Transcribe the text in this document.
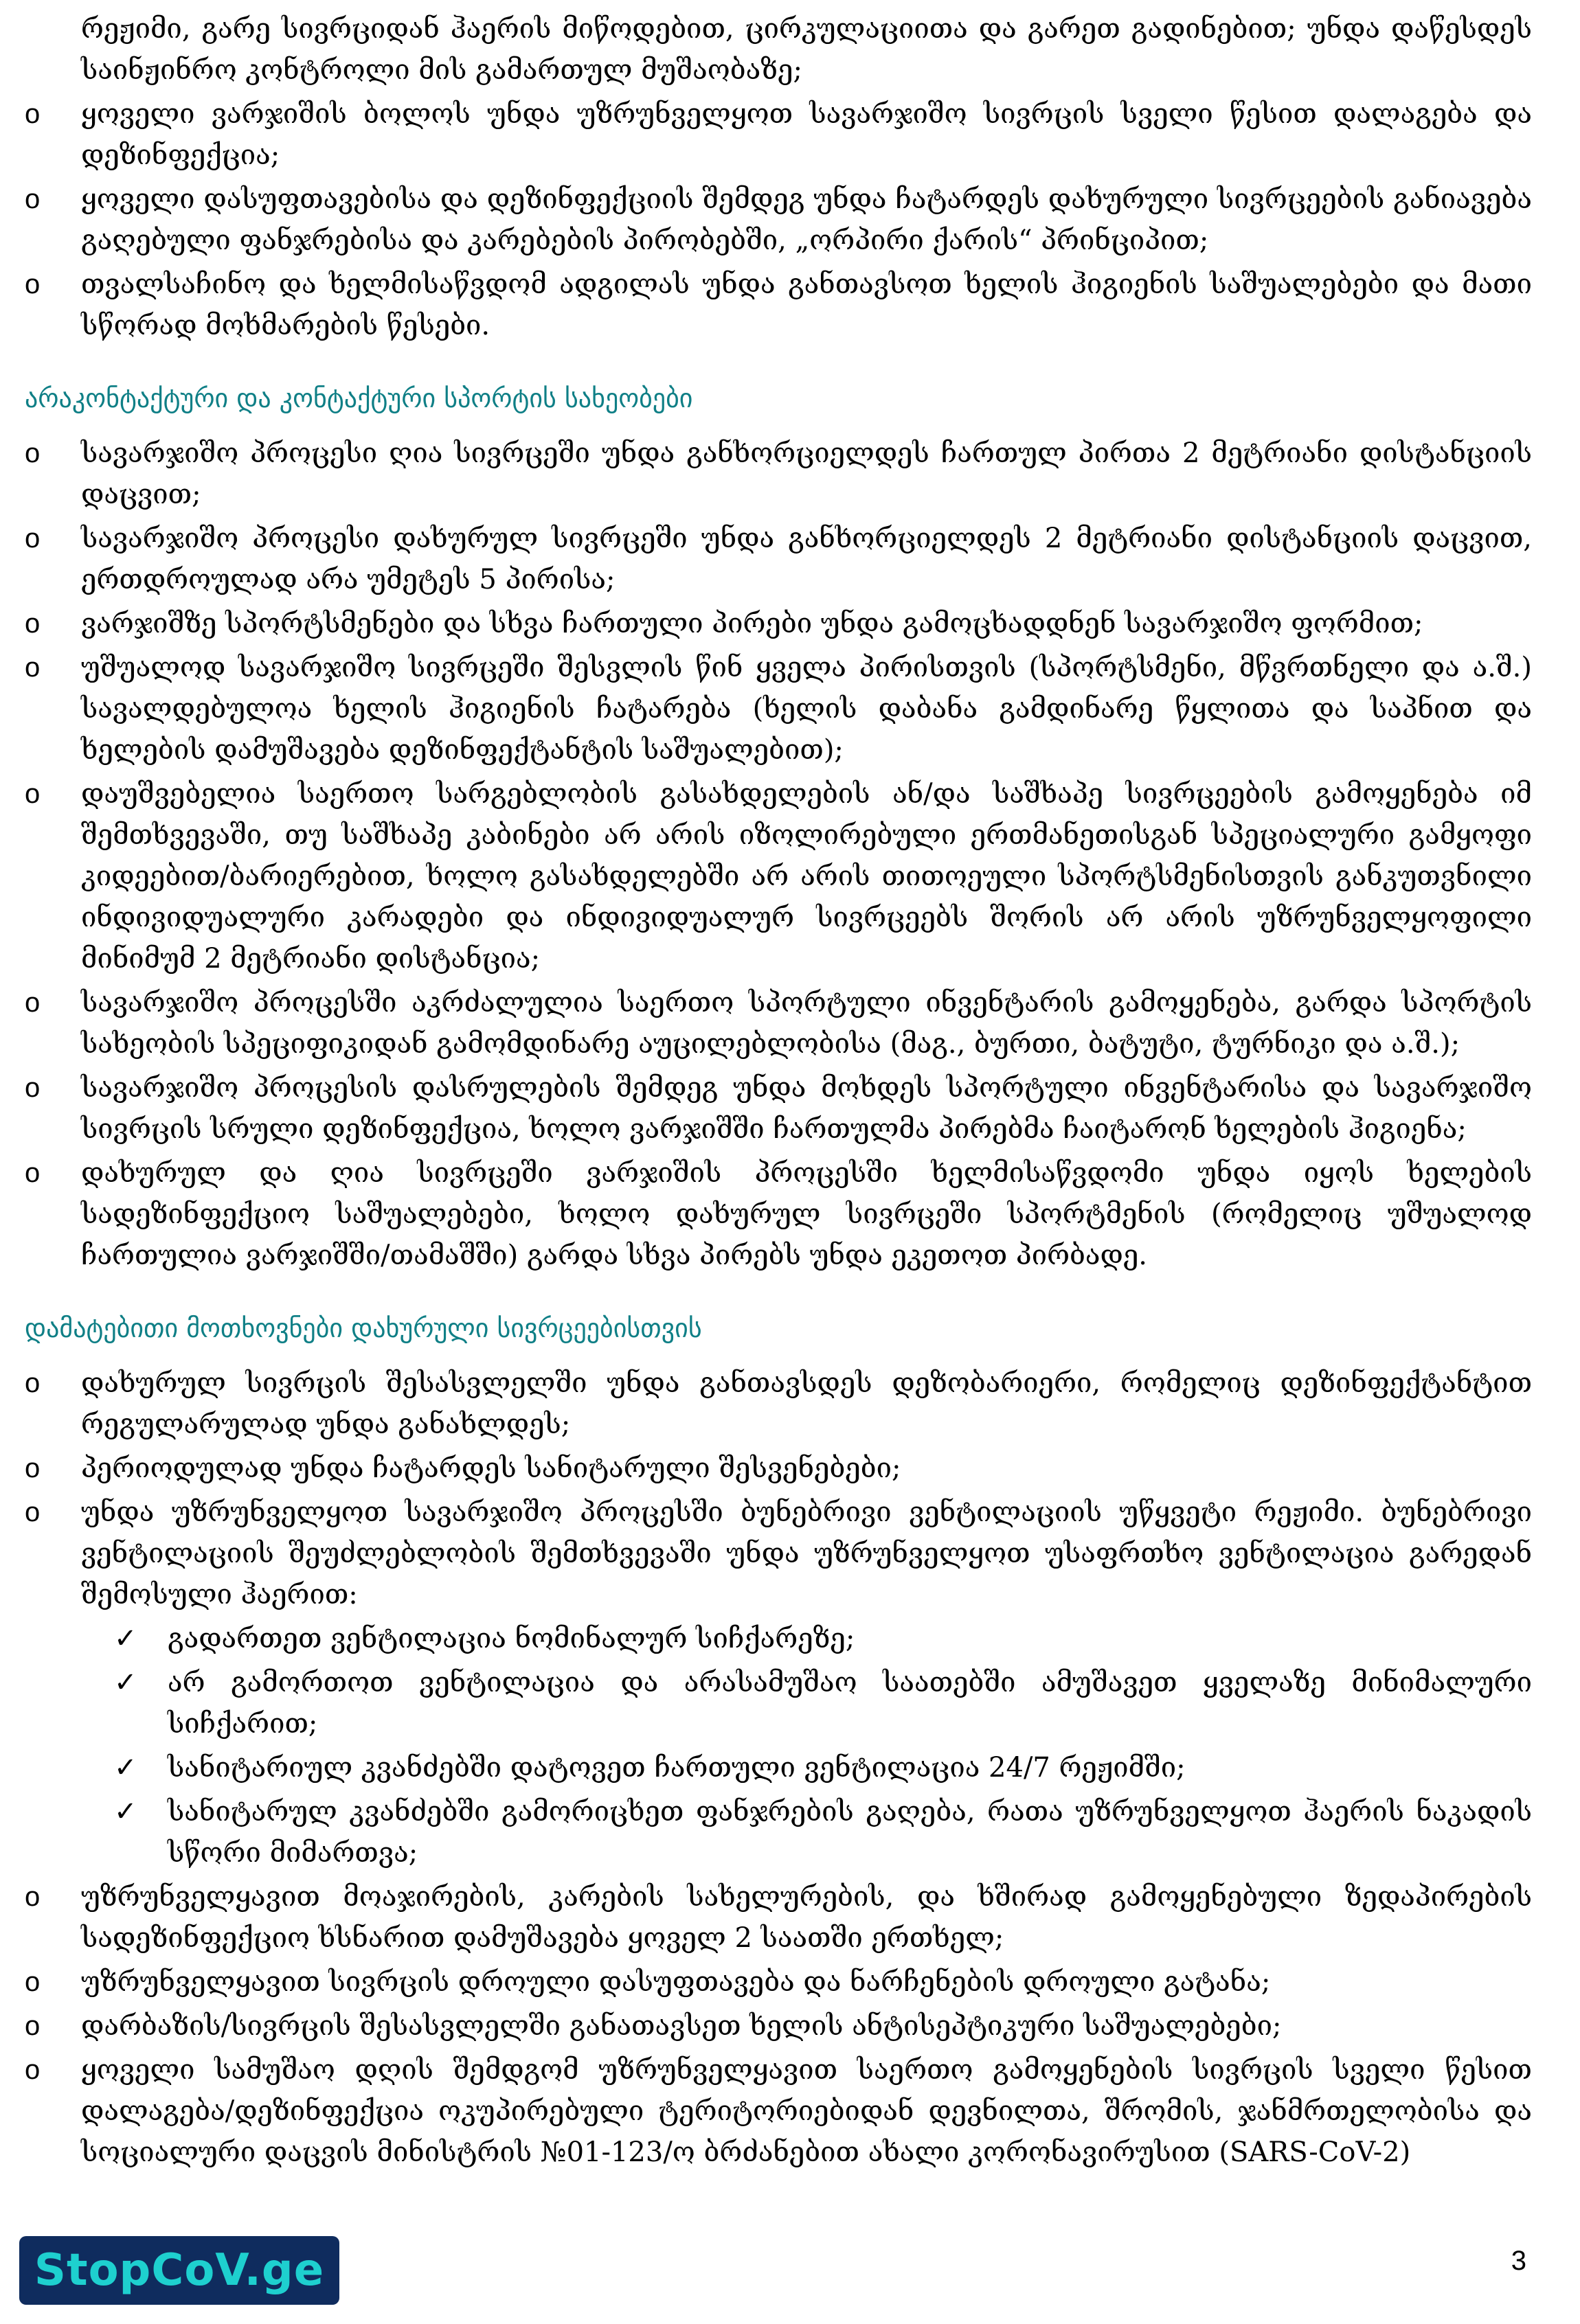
რეჟიმი, გარე სივრციდან ჰაერის მიწოდებით, ცირკულაციითა და გარეთ გადინებით; უნდა დაწესდეს საინჟინრო კონტროლი მის გამართულ მუშაობაზე;
o ყოველი ვარჯიშის ბოლოს უნდა უზრუნველყოთ სავარჯიშო სივრცის სველი წესით დალაგება და დეზინფექცია;
o ყოველი დასუფთავებისა და დეზინფექციის შემდეგ უნდა ჩატარდეს დახურული სივრცეების განიავება გაღებული ფანჯრებისა და კარებების პირობებში, „ორპირი ქარის“ პრინციპით;
o თვალსაჩინო და ხელმისაწვდომ ადგილას უნდა განთავსოთ ხელის ჰიგიენის საშუალებები და მათი სწორად მოხმარების წესები.
არაკონტაქტური და კონტაქტური სპორტის სახეობები
o სავარჯიშო პროცესი ღია სივრცეში უნდა განხორციელდეს ჩართულ პირთა 2 მეტრიანი დისტანციის დაცვით;
o სავარჯიშო პროცესი დახურულ სივრცეში უნდა განხორციელდეს 2 მეტრიანი დისტანციის დაცვით, ერთდროულად არა უმეტეს 5 პირისა;
o ვარჯიშზე სპორტსმენები და სხვა ჩართული პირები უნდა გამოცხადდნენ სავარჯიშო ფორმით;
o უშუალოდ სავარჯიშო სივრცეში შესვლის წინ ყველა პირისთვის (სპორტსმენი, მწვრთნელი და ა.შ.) სავალდებულოა ხელის ჰიგიენის ჩატარება (ხელის დაბანა გამდინარე წყლითა და საპნით და ხელების დამუშავება დეზინფექტანტის საშუალებით);
o დაუშვებელია საერთო სარგებლობის გასახდელების ან/და საშხაპე სივრცეების გამოყენება იმ შემთხვევაში, თუ საშხაპე კაბინები არ არის იზოლირებული ერთმანეთისგან სპეციალური გამყოფი კიდეებით/ბარიერებით, ხოლო გასახდელებში არ არის თითოეული სპორტსმენისთვის განკუთვნილი ინდივიდუალური კარადები და ინდივიდუალურ სივრცეებს შორის არ არის უზრუნველყოფილი მინიმუმ 2 მეტრიანი დისტანცია;
o სავარჯიშო პროცესში აკრძალულია საერთო სპორტული ინვენტარის გამოყენება, გარდა სპორტის სახეობის სპეციფიკიდან გამომდინარე აუცილებლობისა (მაგ., ბურთი, ბატუტი, ტურნიკი და ა.შ.);
o სავარჯიშო პროცესის დასრულების შემდეგ უნდა მოხდეს სპორტული ინვენტარისა და სავარჯიშო სივრცის სრული დეზინფექცია, ხოლო ვარჯიშში ჩართულმა პირებმა ჩაიტარონ ხელების ჰიგიენა;
o დახურულ და ღია სივრცეში ვარჯიშის პროცესში ხელმისაწვდომი უნდა იყოს ხელების სადეზინფექციო საშუალებები, ხოლო დახურულ სივრცეში სპორტმენის (რომელიც უშუალოდ ჩართულია ვარჯიშში/თამაშში) გარდა სხვა პირებს უნდა ეკეთოთ პირბადე.
დამატებითი მოთხოვნები დახურული სივრცეებისთვის
o დახურულ სივრცის შესასვლელში უნდა განთავსდეს დეზობარიერი, რომელიც დეზინფექტანტით რეგულარულად უნდა განახლდეს;
o პერიოდულად უნდა ჩატარდეს სანიტარული შესვენებები;
o უნდა უზრუნველყოთ სავარჯიშო პროცესში ბუნებრივი ვენტილაციის უწყვეტი რეჟიმი. ბუნებრივი ვენტილაციის შეუძლებლობის შემთხვევაში უნდა უზრუნველყოთ უსაფრთხო ვენტილაცია გარედან შემოსული ჰაერით:
✓ გადართეთ ვენტილაცია ნომინალურ სიჩქარეზე;
✓ არ გამორთოთ ვენტილაცია და არასამუშაო საათებში ამუშავეთ ყველაზე მინიმალური სიჩქარით;
✓ სანიტარიულ კვანძებში დატოვეთ ჩართული ვენტილაცია 24/7 რეჟიმში;
✓ სანიტარულ კვანძებში გამორიცხეთ ფანჯრების გაღება, რათა უზრუნველყოთ ჰაერის ნაკადის სწორი მიმართვა;
o უზრუნველყავით მოაჯირების, კარების სახელურების, და ხშირად გამოყენებული ზედაპირების სადეზინფექციო ხსნარით დამუშავება ყოველ 2 საათში ერთხელ;
o უზრუნველყავით სივრცის დროული დასუფთავება და ნარჩენების დროული გატანა;
o დარბაზის/სივრცის შესასვლელში განათავსეთ ხელის ანტისეპტიკური საშუალებები;
o ყოველი სამუშაო დღის შემდგომ უზრუნველყავით საერთო გამოყენების სივრცის სველი წესით დალაგება/დეზინფექცია ოკუპირებული ტერიტორიებიდან დევნილთა, შრომის, ჯანმრთელობისა და სოციალური დაცვის მინისტრის №01-123/ო ბრძანებით ახალი კორონავირუსით (SARS-CoV-2)
StopCoV.ge	3
